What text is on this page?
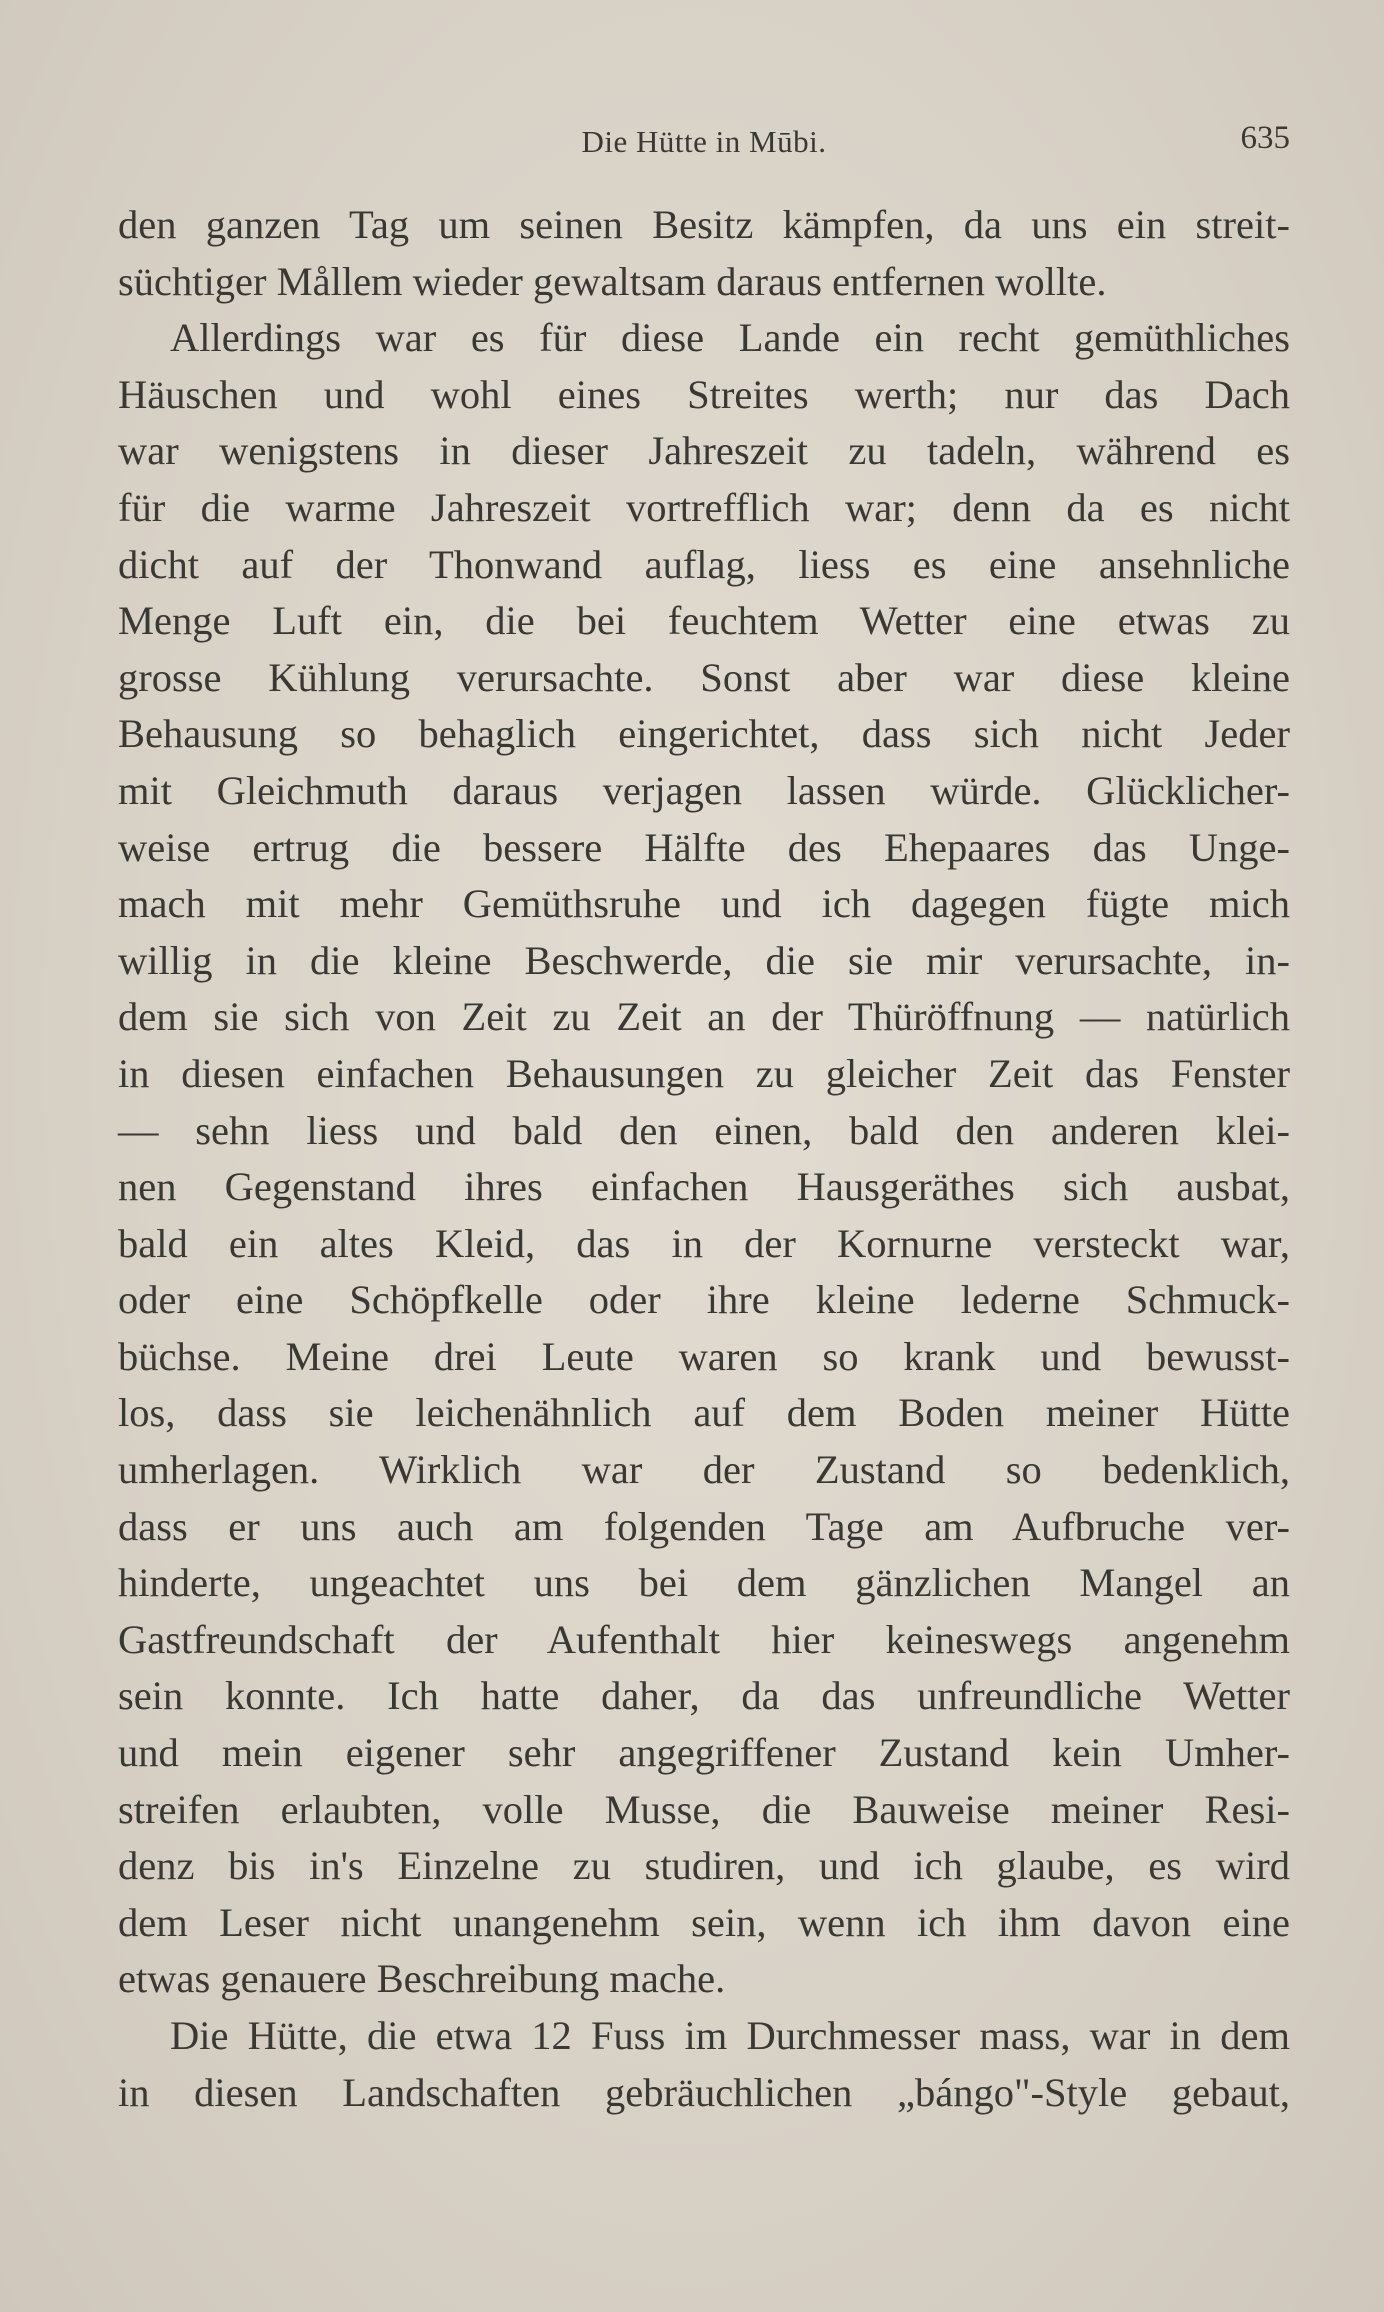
Die Hütte in Mūbi.	635
den ganzen Tag um seinen Besitz kämpfen, da uns ein streit-
süchtiger Mållem wieder gewaltsam daraus entfernen wollte.
Allerdings war es für diese Lande ein recht gemüthliches
Häuschen und wohl eines Streites werth; nur das Dach
war wenigstens in dieser Jahreszeit zu tadeln, während es
für die warme Jahreszeit vortrefflich war; denn da es nicht
dicht auf der Thonwand auflag, liess es eine ansehnliche
Menge Luft ein, die bei feuchtem Wetter eine etwas zu
grosse Kühlung verursachte. Sonst aber war diese kleine
Behausung so behaglich eingerichtet, dass sich nicht Jeder
mit Gleichmuth daraus verjagen lassen würde. Glücklicher-
weise ertrug die bessere Hälfte des Ehepaares das Unge-
mach mit mehr Gemüthsruhe und ich dagegen fügte mich
willig in die kleine Beschwerde, die sie mir verursachte, in-
dem sie sich von Zeit zu Zeit an der Thüröffnung — natürlich
in diesen einfachen Behausungen zu gleicher Zeit das Fenster
— sehn liess und bald den einen, bald den anderen klei-
nen Gegenstand ihres einfachen Hausgeräthes sich ausbat,
bald ein altes Kleid, das in der Kornurne versteckt war,
oder eine Schöpfkelle oder ihre kleine lederne Schmuck-
büchse. Meine drei Leute waren so krank und bewusst-
los, dass sie leichenähnlich auf dem Boden meiner Hütte
umherlagen. Wirklich war der Zustand so bedenklich,
dass er uns auch am folgenden Tage am Aufbruche ver-
hinderte, ungeachtet uns bei dem gänzlichen Mangel an
Gastfreundschaft der Aufenthalt hier keineswegs angenehm
sein konnte. Ich hatte daher, da das unfreundliche Wetter
und mein eigener sehr angegriffener Zustand kein Umher-
streifen erlaubten, volle Musse, die Bauweise meiner Resi-
denz bis in's Einzelne zu studiren, und ich glaube, es wird
dem Leser nicht unangenehm sein, wenn ich ihm davon eine
etwas genauere Beschreibung mache.
Die Hütte, die etwa 12 Fuss im Durchmesser mass, war in dem
in diesen Landschaften gebräuchlichen „bángo"-Style gebaut,
